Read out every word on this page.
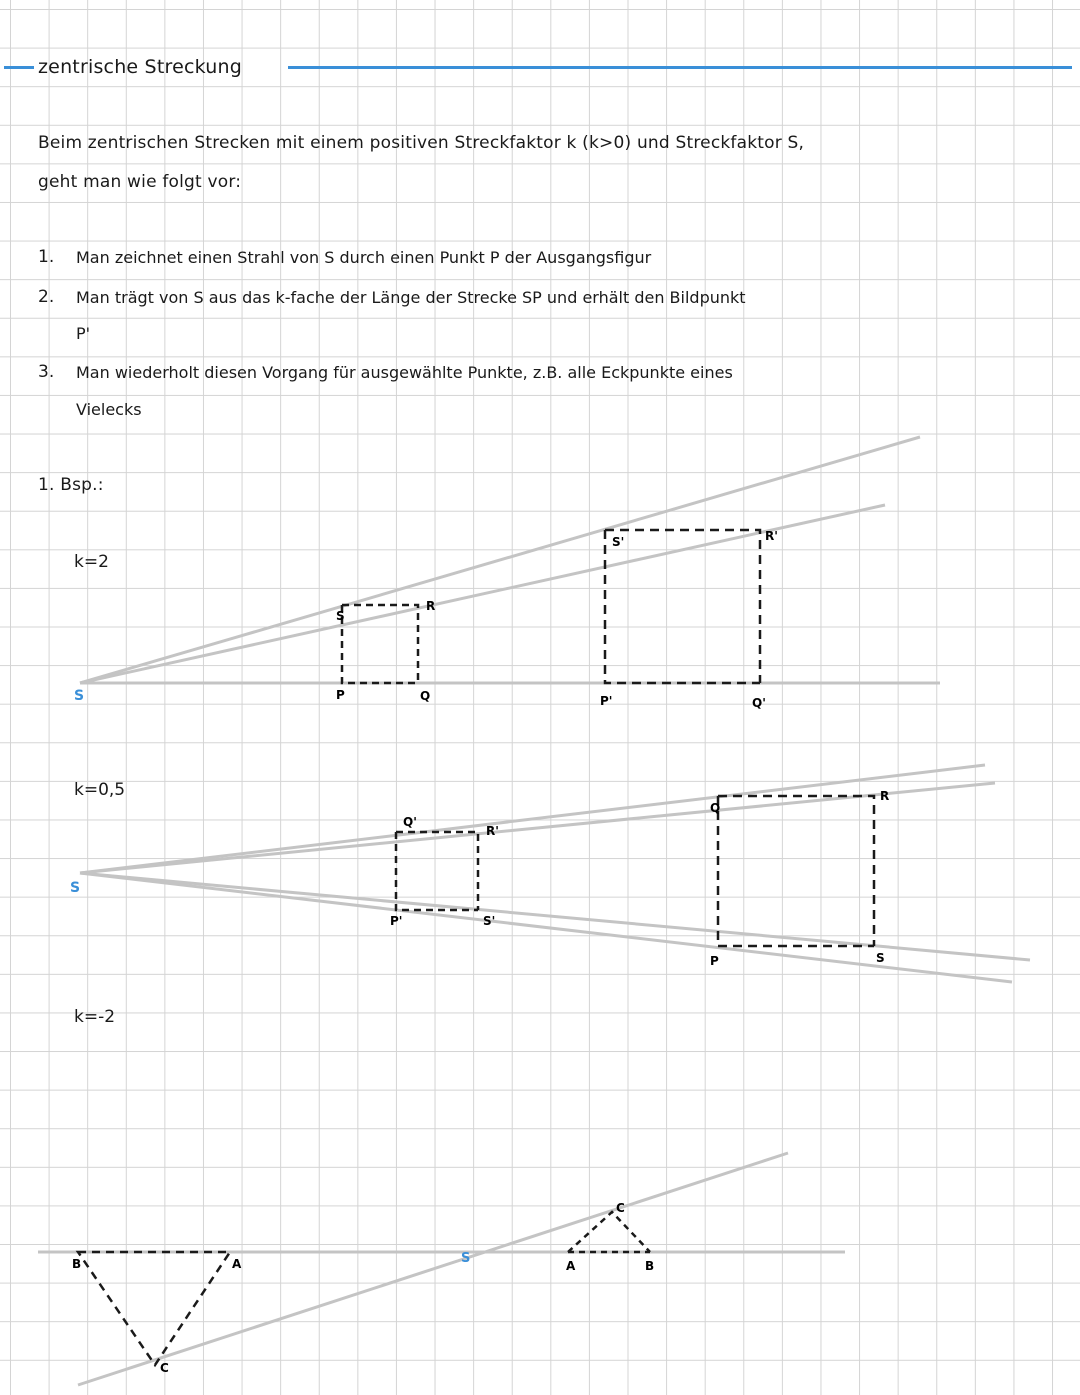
zentrische Streckung
Beim zentrischen Strecken mit einem positiven Streckfaktor k (k>0) und Streckfaktor S,
geht man wie folgt vor:
1. Man zeichnet einen Strahl von S durch einen Punkt P der Ausgangsfigur
2. Man trägt von S aus das k-fache der Länge der Strecke SP und erhält den Bildpunkt
P'
3. Man wiederholt diesen Vorgang für ausgewählte Punkte, z.B. alle Eckpunkte eines
Vielecks
1. Bsp.:
k=2
k=0,5
k=-2
S
S
R
P	Q
S'	R'
P'	Q'
S
Q'
R'
P'	S'
Q
R
P	S
B	A
C
S	A	B
C
